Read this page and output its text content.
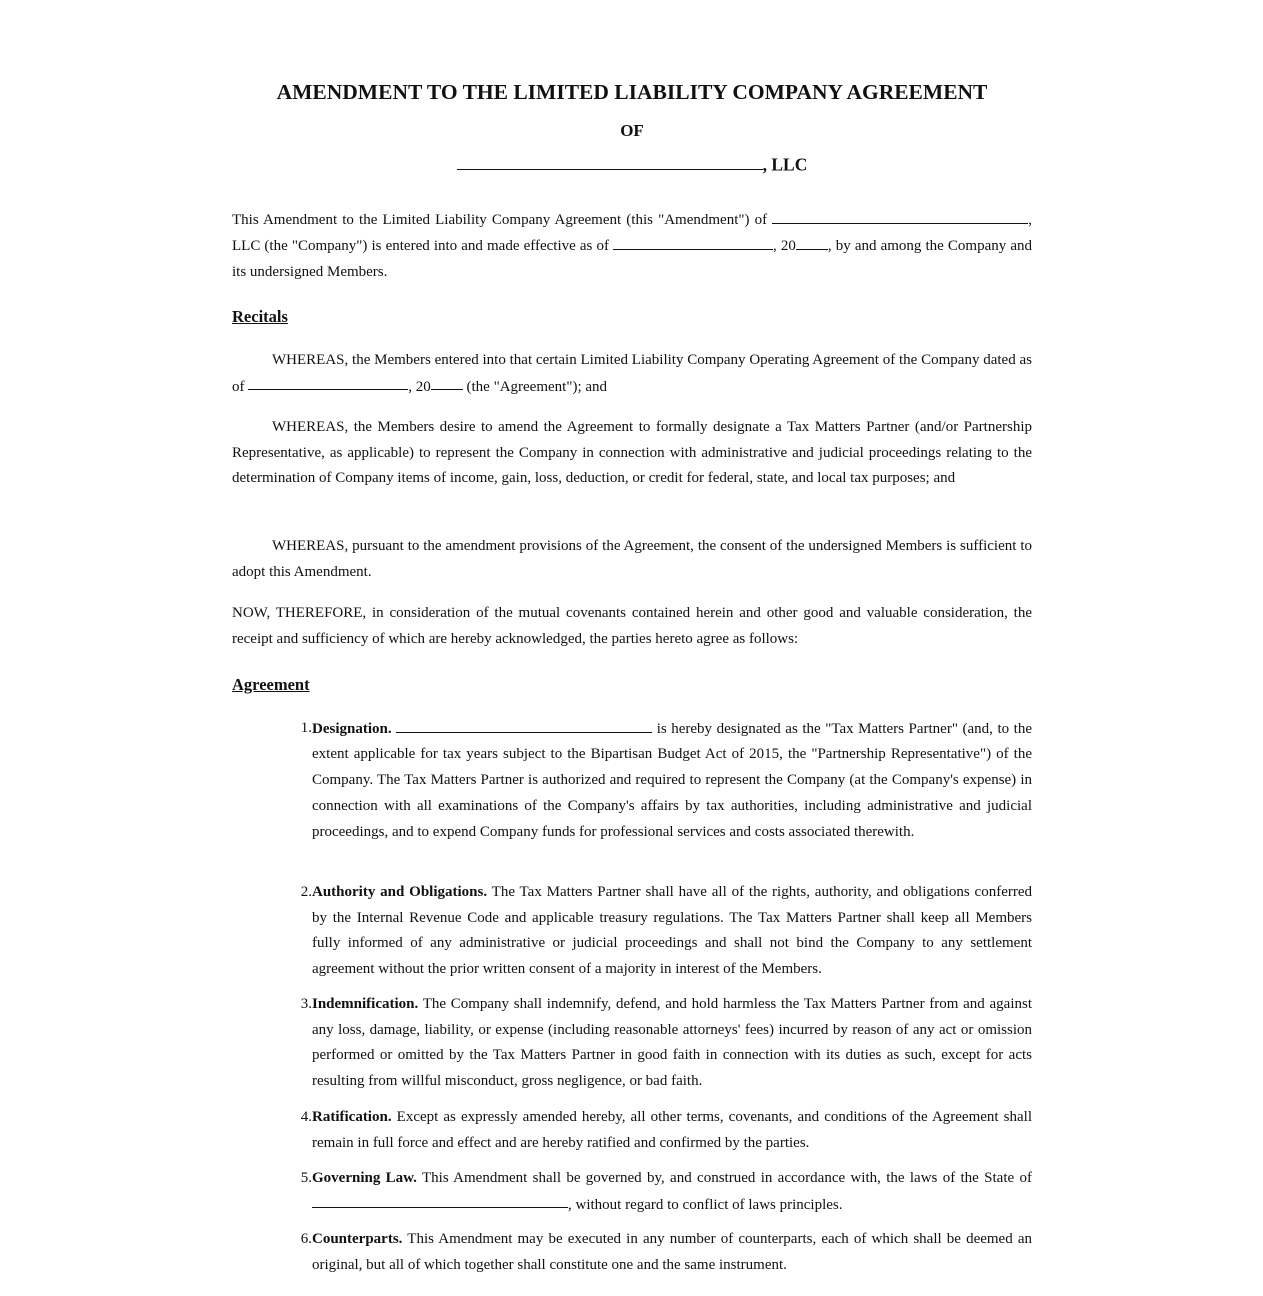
AMENDMENT TO THE LIMITED LIABILITY COMPANY AGREEMENT
OF
, LLC

This Amendment to the Limited Liability Company Agreement (this "Amendment") of	, LLC (the "Company") is entered into and made effective as of	, 20 , by and among the Company and its undersigned Members.

Recitals

WHEREAS, the Members entered into that certain Limited Liability Company Operating Agreement of the Company dated as of	, 20 (the "Agreement"); and

WHEREAS, the Members desire to amend the Agreement to formally designate a Tax Matters Partner (and/or Partnership Representative, as applicable) to represent the Company in connection with administrative and judicial proceedings relating to the determination of Company items of income, gain, loss, deduction, or credit for federal, state, and local tax purposes; and

WHEREAS, pursuant to the amendment provisions of the Agreement, the consent of the undersigned Members is sufficient to adopt this Amendment.

NOW, THEREFORE, in consideration of the mutual covenants contained herein and other good and valuable consideration, the receipt and sufficiency of which are hereby acknowledged, the parties hereto agree as follows:

Agreement
1. Designation.	is hereby designated as the "Tax Matters Partner" (and, to the extent applicable for tax years subject to the Bipartisan Budget Act of 2015, the "Partnership Representative") of the Company. The Tax Matters Partner is authorized and required to represent the Company (at the Company's expense) in connection with all examinations of the Company's affairs by tax authorities, including administrative and judicial proceedings, and to expend Company funds for professional services and costs associated therewith.

2. Authority and Obligations. The Tax Matters Partner shall have all of the rights, authority, and obligations conferred by the Internal Revenue Code and applicable treasury regulations. The Tax Matters Partner shall keep all Members fully informed of any administrative or judicial proceedings and shall not bind the Company to any settlement agreement without the prior written consent of a majority in interest of the Members.

3. Indemnification. The Company shall indemnify, defend, and hold harmless the Tax Matters Partner from and against any loss, damage, liability, or expense (including reasonable attorneys' fees) incurred by reason of any act or omission performed or omitted by the Tax Matters Partner in good faith in connection with its duties as such, except for acts resulting from willful misconduct, gross negligence, or bad faith.

4. Ratification. Except as expressly amended hereby, all other terms, covenants, and conditions of the Agreement shall remain in full force and effect and are hereby ratified and confirmed by the parties.

5. Governing Law. This Amendment shall be governed by, and construed in accordance with, the laws of the State of , without regard to conflict of laws principles.

6. Counterparts. This Amendment may be executed in any number of counterparts, each of which shall be deemed an original, but all of which together shall constitute one and the same instrument.
